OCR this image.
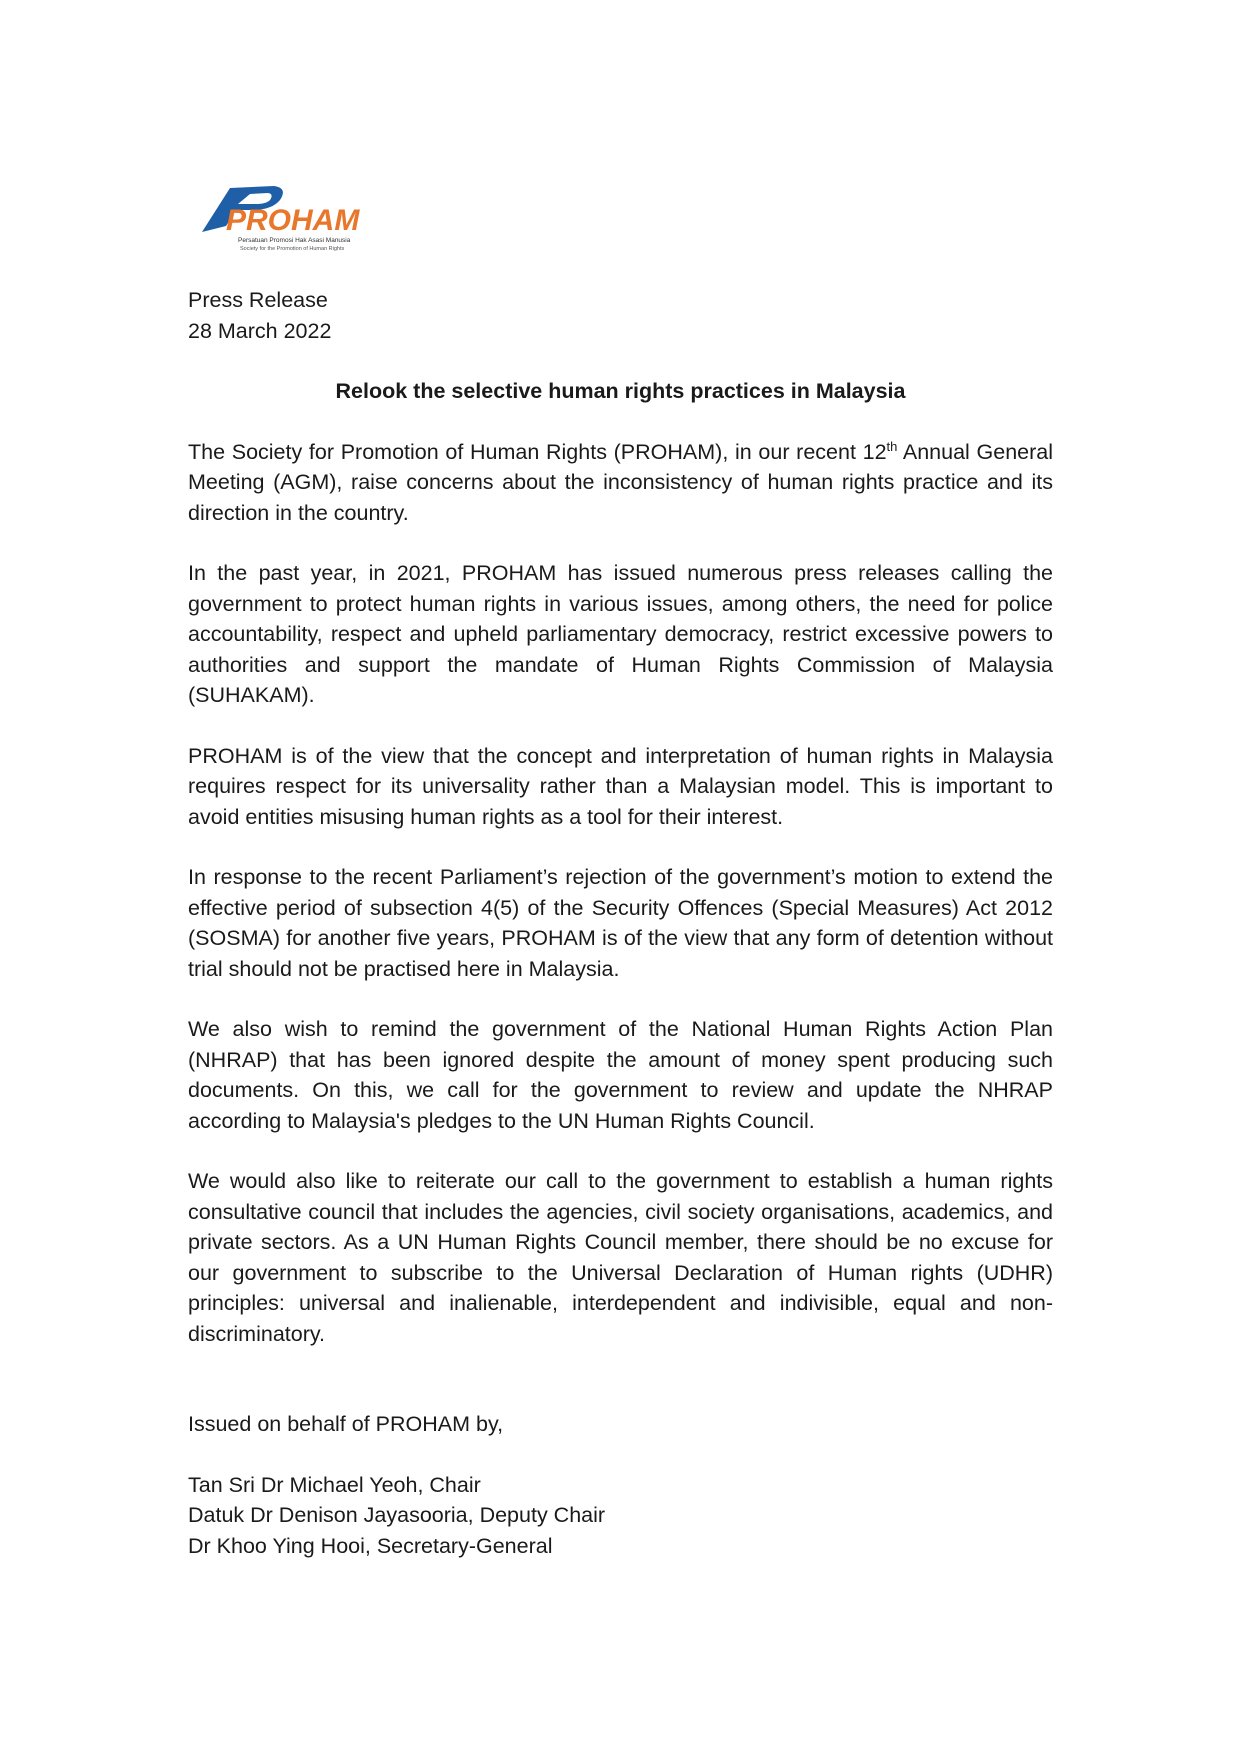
PROHAM
Persatuan Promosi Hak Asasi Manusia
Society for the Promotion of Human Rights
Press Release
28 March 2022
Relook the selective human rights practices in Malaysia
The Society for Promotion of Human Rights (PROHAM), in our recent 12th Annual General Meeting (AGM), raise concerns about the inconsistency of human rights practice and its direction in the country.
In the past year, in 2021, PROHAM has issued numerous press releases calling the government to protect human rights in various issues, among others, the need for police accountability, respect and upheld parliamentary democracy, restrict excessive powers to authorities and support the mandate of Human Rights Commission of Malaysia (SUHAKAM).
PROHAM is of the view that the concept and interpretation of human rights in Malaysia requires respect for its universality rather than a Malaysian model. This is important to avoid entities misusing human rights as a tool for their interest.
In response to the recent Parliament’s rejection of the government’s motion to extend the effective period of subsection 4(5) of the Security Offences (Special Measures) Act 2012 (SOSMA) for another five years, PROHAM is of the view that any form of detention without trial should not be practised here in Malaysia.
We also wish to remind the government of the National Human Rights Action Plan (NHRAP) that has been ignored despite the amount of money spent producing such documents. On this, we call for the government to review and update the NHRAP according to Malaysia's pledges to the UN Human Rights Council.
We would also like to reiterate our call to the government to establish a human rights consultative council that includes the agencies, civil society organisations, academics, and private sectors. As a UN Human Rights Council member, there should be no excuse for our government to subscribe to the Universal Declaration of Human rights (UDHR) principles: universal and inalienable, interdependent and indivisible, equal and non-discriminatory.
Issued on behalf of PROHAM by,
Tan Sri Dr Michael Yeoh, Chair
Datuk Dr Denison Jayasooria, Deputy Chair
Dr Khoo Ying Hooi, Secretary-General
